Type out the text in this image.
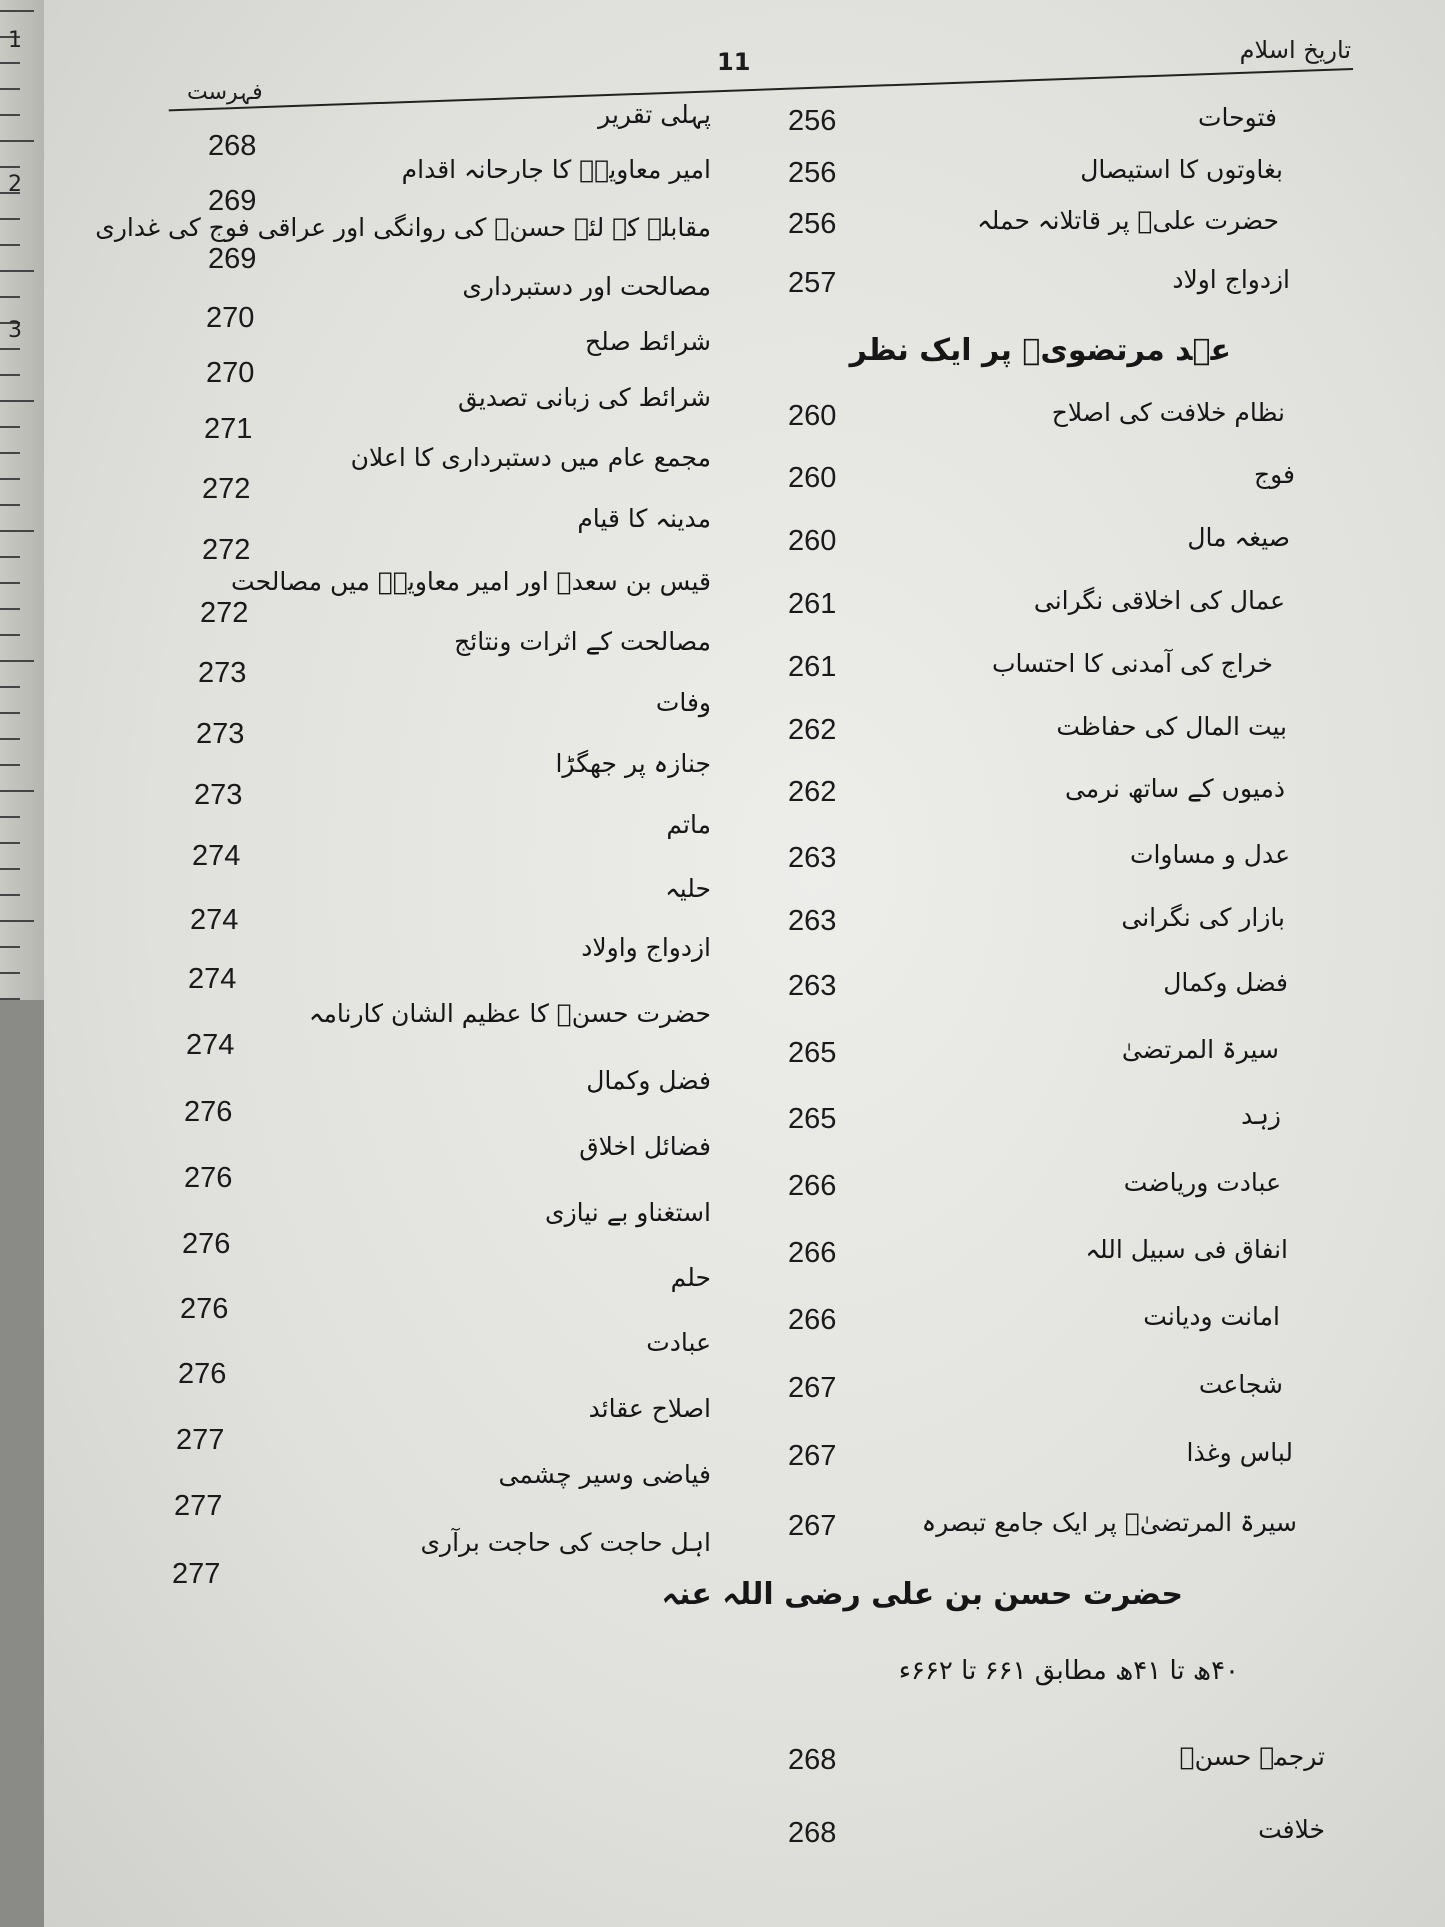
1
2
3
تاریخ اسلام
11
فہرست
فتوحات
256
بغاوتوں کا استیصال
256
حضرت علیؓ پر قاتلانہ حملہ
256
ازدواج اولاد
257
عہد مرتضویؓ پر ایک نظر
نظام خلافت کی اصلاح
260
فوج
260
صیغہ مال
260
عمال کی اخلاقی نگرانی
261
خراج کی آمدنی کا احتساب
261
بیت المال کی حفاظت
262
ذمیوں کے ساتھ نرمی
262
عدل و مساوات
263
بازار کی نگرانی
263
فضل وکمال
263
سیرۃ المرتضیٰ
265
زہد
265
عبادت وریاضت
266
انفاق فی سبیل اللہ
266
امانت ودیانت
266
شجاعت
267
لباس وغذا
267
سیرۃ المرتضیٰؓ پر ایک جامع تبصرہ
267
حضرت حسن بن علی رضی اللہ عنہ
۴۰ھ تا ۴۱ھ مطابق ۶۶۱ تا ۶۶۲ء
ترجمہ حسنؓ
268
خلافت
268
پہلی تقریر
268
امیر معاویہؓ کا جارحانہ اقدام
269
مقابلہ کے لئے حسنؓ کی روانگی اور عراقی فوج کی غداری
269
مصالحت اور دستبرداری
270
شرائط صلح
270
شرائط کی زبانی تصدیق
271
مجمع عام میں دستبرداری کا اعلان
272
مدینہ کا قیام
272
قیس بن سعدؓ اور امیر معاویہؓ میں مصالحت
272
مصالحت کے اثرات ونتائج
273
وفات
273
جنازہ پر جھگڑا
273
ماتم
274
حلیہ
274
ازدواج واولاد
274
حضرت حسنؓ کا عظیم الشان کارنامہ
274
فضل وکمال
276
فضائل اخلاق
276
استغناو بے نیازی
276
حلم
276
عبادت
276
اصلاح عقائد
277
فیاضی وسیر چشمی
277
اہل حاجت کی حاجت برآری
277
